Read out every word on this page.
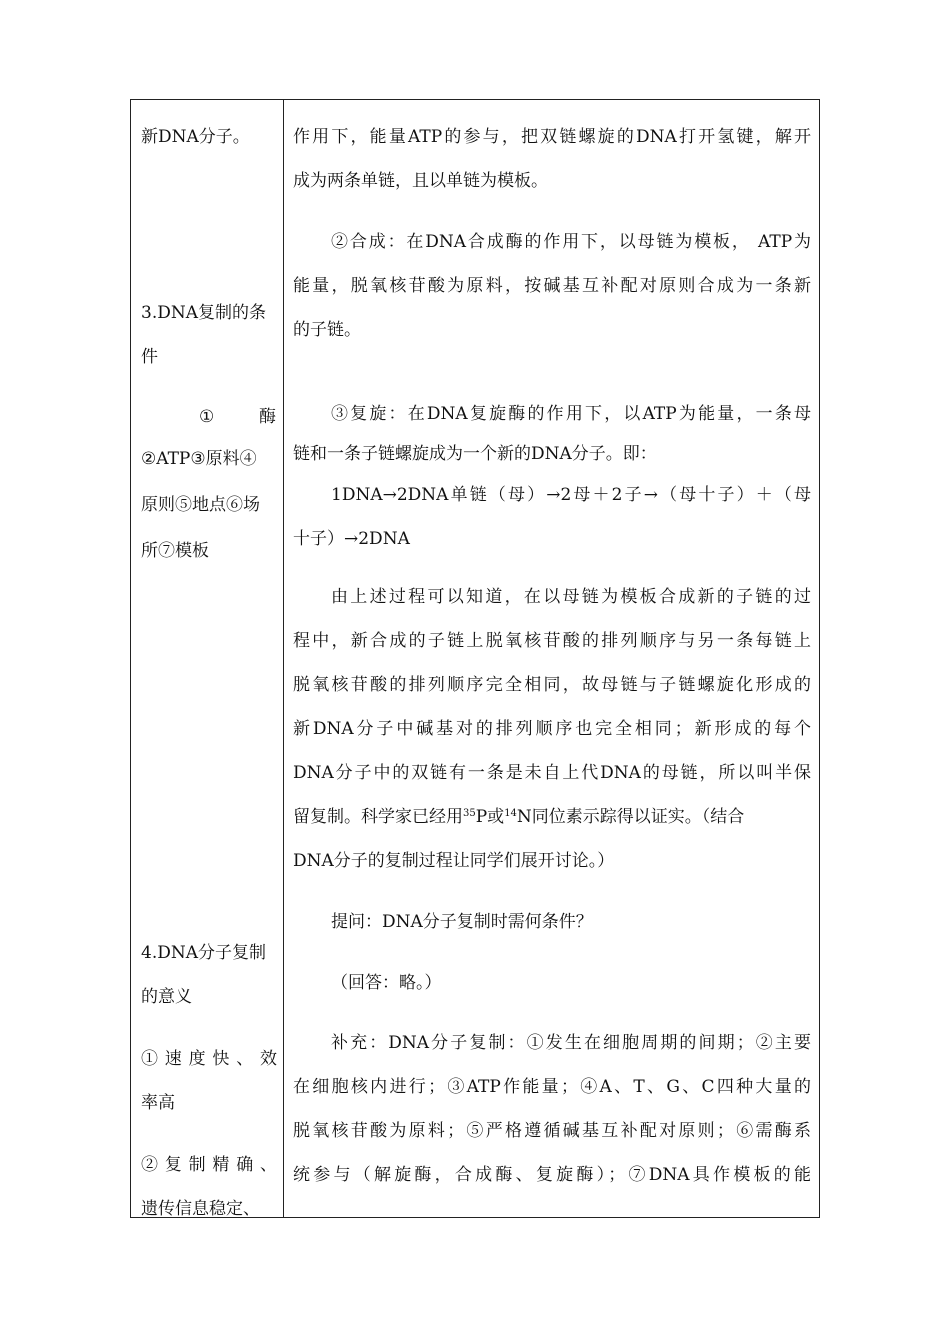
新DNA分子。
3.DNA复制的条
件
①	酶
②ATP③原料④
原则⑤地点⑥场
所⑦模板
4.DNA分子复制
的意义
①速度快、效
率高
②复制精确、
遗传信息稳定、
作用下，能量ATP的参与，把双链螺旋的DNA打开氢键，解开
成为两条单链，且以单链为模板。
②合成：在DNA合成酶的作用下，以母链为模板， ATP为
能量，脱氧核苷酸为原料，按碱基互补配对原则合成为一条新
的子链。
③复旋：在DNA复旋酶的作用下，以ATP为能量，一条母
链和一条子链螺旋成为一个新的DNA分子。即：
1DNA→2DNA单链（母）→2母＋2子→（母十子）＋（母
十子）→2DNA
由上述过程可以知道，在以母链为模板合成新的子链的过
程中，新合成的子链上脱氧核苷酸的排列顺序与另一条每链上
脱氧核苷酸的排列顺序完全相同，故母链与子链螺旋化形成的
新DNA分子中碱基对的排列顺序也完全相同；新形成的每个
DNA分子中的双链有一条是未自上代DNA的母链，所以叫半保
留复制。科学家已经用$^{35}$P或$^{14}$N同位素示踪得以证实。（结合
DNA分子的复制过程让同学们展开讨论。）
提问：DNA分子复制时需何条件？
（回答：略。）
补充：DNA分子复制：①发生在细胞周期的间期；②主要
在细胞核内进行；③ATP作能量；④A、T、G、C四种大量的
脱氧核苷酸为原料；⑤严格遵循碱基互补配对原则；⑥需酶系
统参与（解旋酶，合成酶、复旋酶）；⑦DNA具作模板的能
